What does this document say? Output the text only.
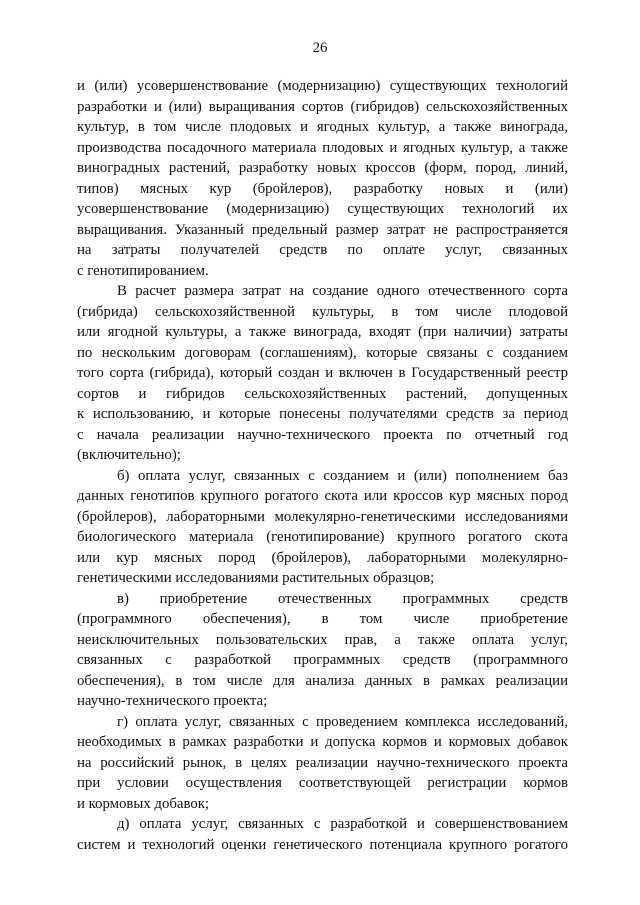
26
и (или) усовершенствование (модернизацию) существующих технологий
разработки и (или) выращивания сортов (гибридов) сельскохозяйственных
культур, в том числе плодовых и ягодных культур, а также винограда,
производства посадочного материала плодовых и ягодных культур, а также
виноградных растений, разработку новых кроссов (форм, пород, линий,
типов) мясных кур (бройлеров), разработку новых и (или)
усовершенствование (модернизацию) существующих технологий их
выращивания. Указанный предельный размер затрат не распространяется
на затраты получателей средств по оплате услуг, связанных
с генотипированием.
В расчет размера затрат на создание одного отечественного сорта
(гибрида) сельскохозяйственной культуры, в том числе плодовой
или ягодной культуры, а также винограда, входят (при наличии) затраты
по нескольким договорам (соглашениям), которые связаны с созданием
того сорта (гибрида), который создан и включен в Государственный реестр
сортов и гибридов сельскохозяйственных растений, допущенных
к использованию, и которые понесены получателями средств за период
с начала реализации научно-технического проекта по отчетный год
(включительно);
б) оплата услуг, связанных с созданием и (или) пополнением баз
данных генотипов крупного рогатого скота или кроссов кур мясных пород
(бройлеров), лабораторными молекулярно-генетическими исследованиями
биологического материала (генотипирование) крупного рогатого скота
или кур мясных пород (бройлеров), лабораторными молекулярно-
генетическими исследованиями растительных образцов;
в) приобретение отечественных программных средств
(программного обеспечения), в том числе приобретение
неисключительных пользовательских прав, а также оплата услуг,
связанных с разработкой программных средств (программного
обеспечения), в том числе для анализа данных в рамках реализации
научно-технического проекта;
г) оплата услуг, связанных с проведением комплекса исследований,
необходимых в рамках разработки и допуска кормов и кормовых добавок
на российский рынок, в целях реализации научно-технического проекта
при условии осуществления соответствующей регистрации кормов
и кормовых добавок;
д) оплата услуг, связанных с разработкой и совершенствованием
систем и технологий оценки генетического потенциала крупного рогатого
